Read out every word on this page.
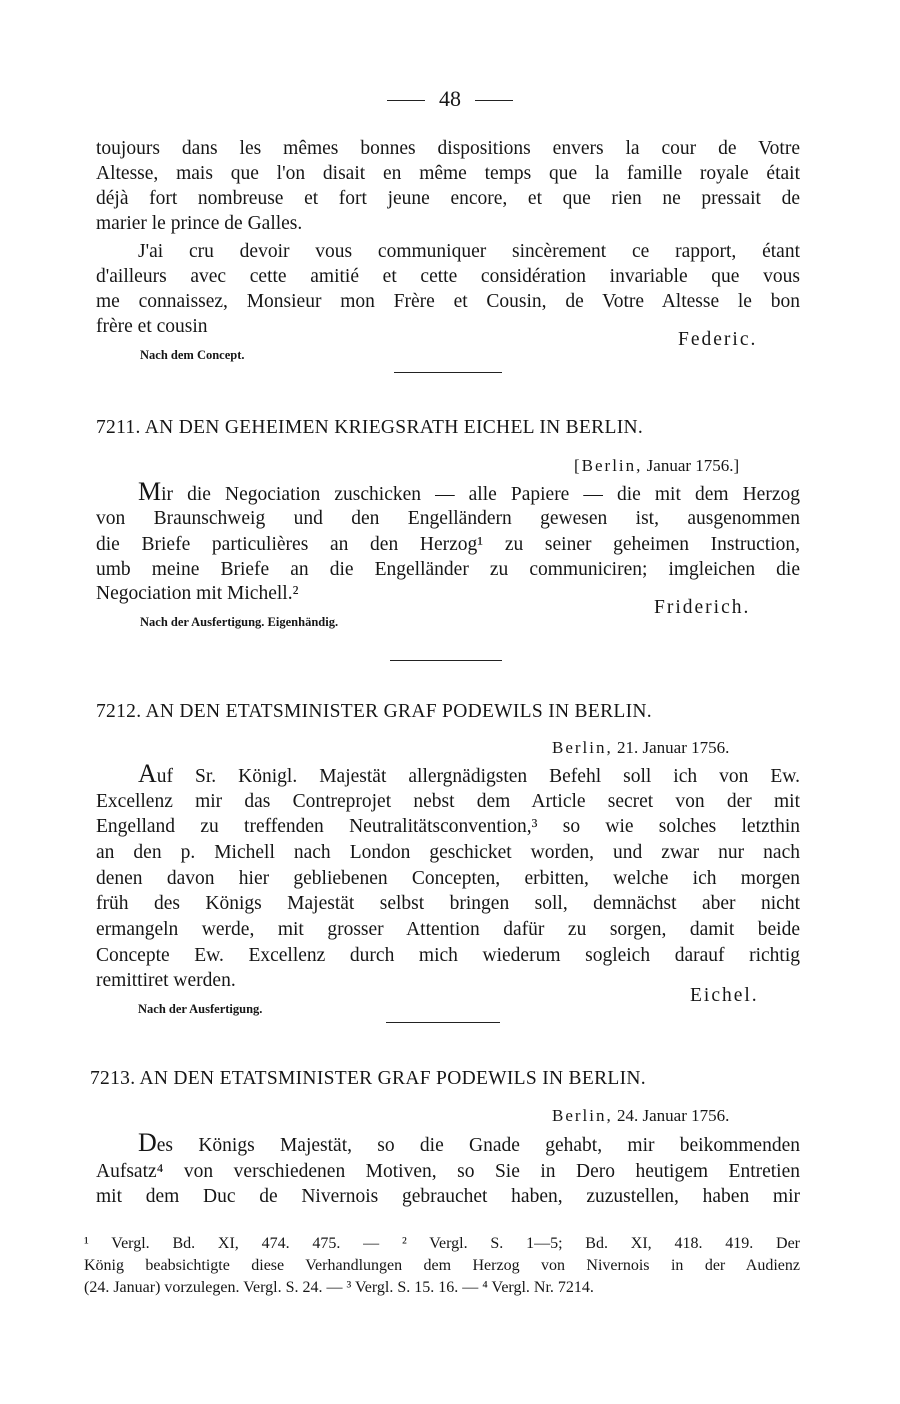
48
toujours dans les mêmes bonnes dispositions envers la cour de Votre
Altesse, mais que l'on disait en même temps que la famille royale était
déjà fort nombreuse et fort jeune encore, et que rien ne pressait de
marier le prince de Galles.
J'ai cru devoir vous communiquer sincèrement ce rapport, étant
d'ailleurs avec cette amitié et cette considération invariable que vous
me connaissez, Monsieur mon Frère et Cousin, de Votre Altesse le bon
frère et cousin
Federic.
Nach dem Concept.
7211. AN DEN GEHEIMEN KRIEGSRATH EICHEL IN BERLIN.
[Berlin, Januar 1756.]
Mir die Negociation zuschicken — alle Papiere — die mit dem Herzog
von Braunschweig und den Engelländern gewesen ist, ausgenommen
die Briefe particulières an den Herzog¹ zu seiner geheimen Instruction,
umb meine Briefe an die Engelländer zu communiciren; imgleichen die
Negociation mit Michell.²
Friderich.
Nach der Ausfertigung. Eigenhändig.
7212. AN DEN ETATSMINISTER GRAF PODEWILS IN BERLIN.
Berlin, 21. Januar 1756.
Auf Sr. Königl. Majestät allergnädigsten Befehl soll ich von Ew.
Excellenz mir das Contreprojet nebst dem Article secret von der mit
Engelland zu treffenden Neutralitätsconvention,³ so wie solches letzthin
an den p. Michell nach London geschicket worden, und zwar nur nach
denen davon hier gebliebenen Concepten, erbitten, welche ich morgen
früh des Königs Majestät selbst bringen soll, demnächst aber nicht
ermangeln werde, mit grosser Attention dafür zu sorgen, damit beide
Concepte Ew. Excellenz durch mich wiederum sogleich darauf richtig
remittiret werden.
Eichel.
Nach der Ausfertigung.
7213. AN DEN ETATSMINISTER GRAF PODEWILS IN BERLIN.
Berlin, 24. Januar 1756.
Des Königs Majestät, so die Gnade gehabt, mir beikommenden
Aufsatz⁴ von verschiedenen Motiven, so Sie in Dero heutigem Entretien
mit dem Duc de Nivernois gebrauchet haben, zuzustellen, haben mir
¹ Vergl. Bd. XI, 474. 475. — ² Vergl. S. 1—5; Bd. XI, 418. 419. Der
König beabsichtigte diese Verhandlungen dem Herzog von Nivernois in der Audienz
(24. Januar) vorzulegen. Vergl. S. 24. — ³ Vergl. S. 15. 16. — ⁴ Vergl. Nr. 7214.
